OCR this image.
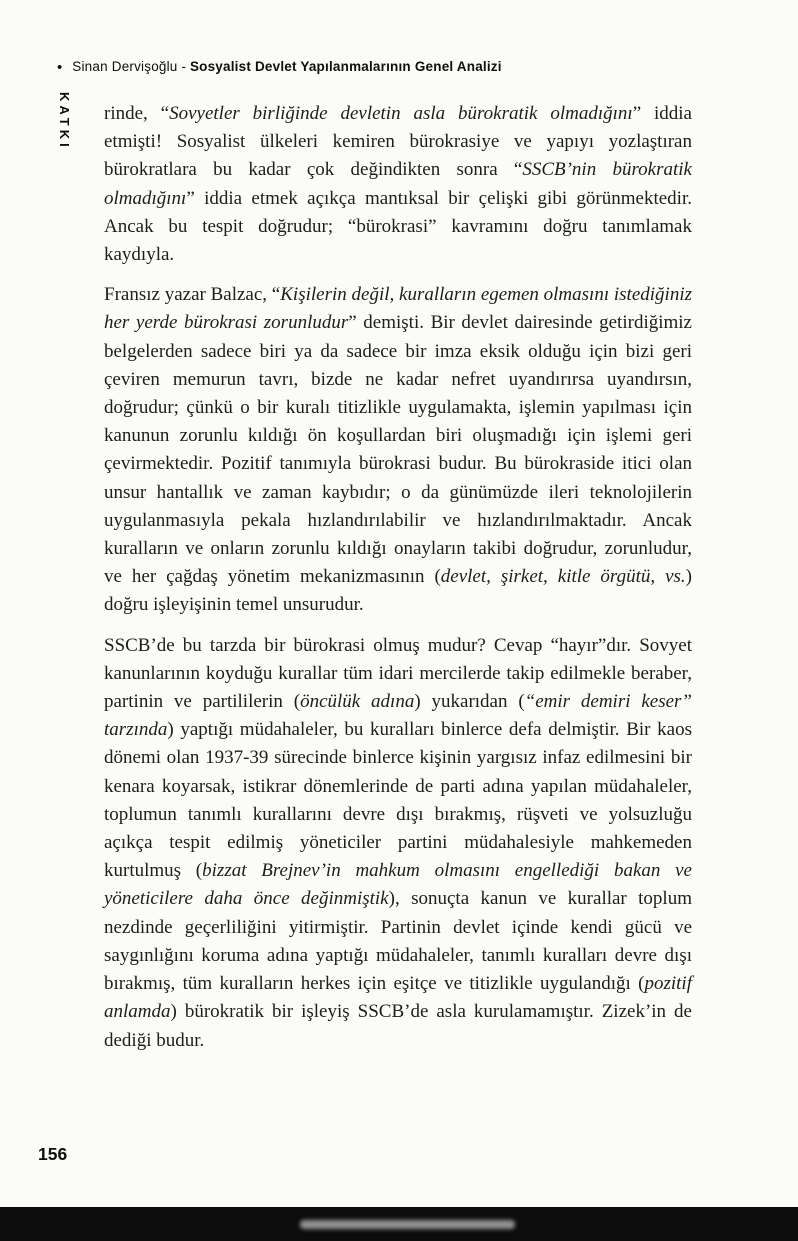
• Sinan Dervişoğlu - Sosyalist Devlet Yapılanmalarının Genel Analizi
KATKI rinde, “Sovyetler birliğinde devletin asla bürokratik olmadığını” iddia etmişti! Sosyalist ülkeleri kemiren bürokrasiye ve yapıyı yozlaştıran bürokratlara bu kadar çok değindikten sonra “SSCB’nin bürokratik olmadığını” iddia etmek açıkça mantıksal bir çelişki gibi görünmektedir. Ancak bu tespit doğrudur; “bürokrasi” kavramını doğru tanımlamak kaydıyla.

Fransız yazar Balzac, “Kişilerin değil, kuralların egemen olmasını istediğiniz her yerde bürokrasi zorunludur” demişti. Bir devlet dairesinde getirdiğimiz belgelerden sadece biri ya da sadece bir imza eksik olduğu için bizi geri çeviren memurun tavrı, bizde ne kadar nefret uyandırırsa uyandırsın, doğrudur; çünkü o bir kuralı titizlikle uygulamakta, işlemin yapılması için kanunun zorunlu kıldığı ön koşullardan biri oluşmadığı için işlemi geri çevirmektedir. Pozitif tanımıyla bürokrasi budur. Bu bürokraside itici olan unsur hantallık ve zaman kaybıdır; o da günümüzde ileri teknolojilerin uygulanmasıyla pekala hızlandırılabilir ve hızlandırılmaktadır. Ancak kuralların ve onların zorunlu kıldığı onayların takibi doğrudur, zorunludur, ve her çağdaş yönetim mekanizmasının (devlet, şirket, kitle örgütü, vs.) doğru işleyişinin temel unsurudur.

SSCB’de bu tarzda bir bürokrasi olmuş mudur? Cevap “hayır”dır. Sovyet kanunlarının koyduğu kurallar tüm idari mercilerde takip edilmekle beraber, partinin ve partililerin (öncülük adına) yukarıdan (“emir demiri keser” tarzında) yaptığı müdahaleler, bu kuralları binlerce defa delmiştir. Bir kaos dönemi olan 1937-39 sürecinde binlerce kişinin yargısız infaz edilmesini bir kenara koyarsak, istikrar dönemlerinde de parti adına yapılan müdahaleler, toplumun tanımlı kurallarını devre dışı bırakmış, rüşveti ve yolsuzluğu açıkça tespit edilmiş yöneticiler partini müdahalesiyle mahkemeden kurtulmuş (bizzat Brejnev’in mahkum olmasını engellediği bakan ve yöneticilere daha önce değinmiştik), sonuçta kanun ve kurallar toplum nezdinde geçerliliğini yitirmiştir. Partinin devlet içinde kendi gücü ve saygınlığını koruma adına yaptığı müdahaleler, tanımlı kuralları devre dışı bırakmış, tüm kuralların herkes için eşitçe ve titizlikle uygulandığı (pozitif anlamda) bürokratik bir işleyiş SSCB’de asla kurulamamıştır. Zizek’in de dediği budur.

156
